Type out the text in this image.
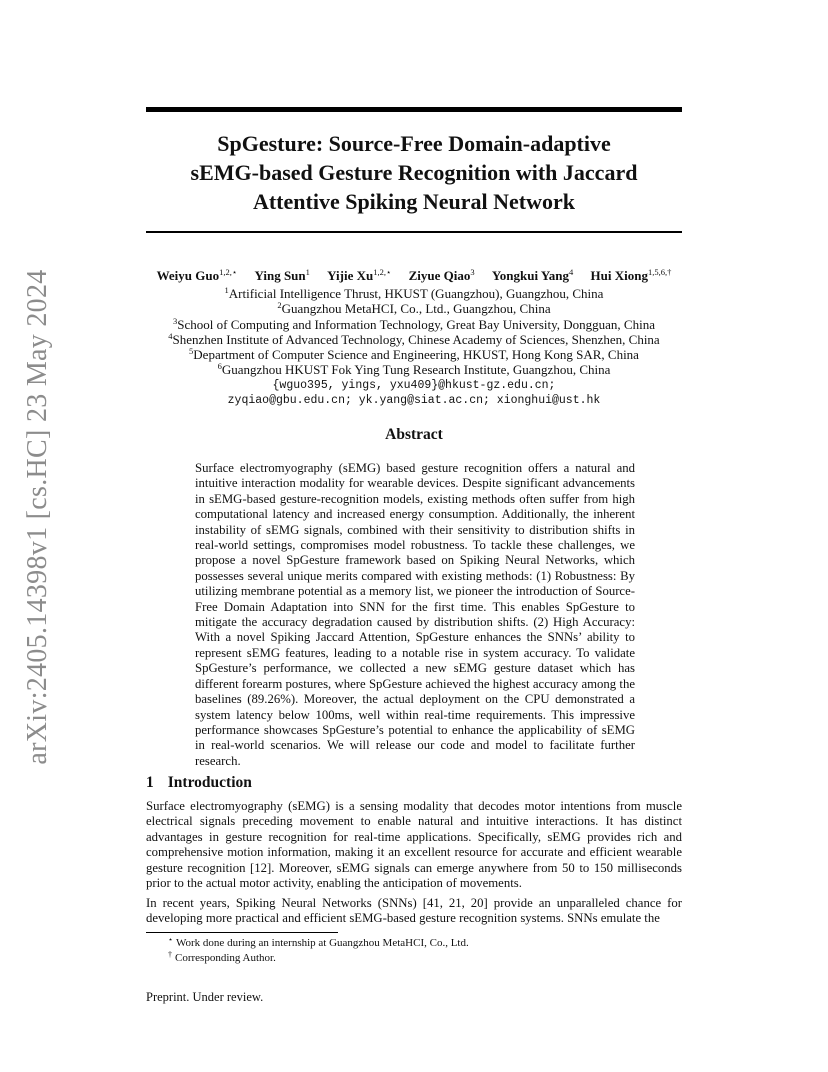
arXiv:2405.14398v1 [cs.HC] 23 May 2024
SpGesture: Source-Free Domain-adaptive
sEMG-based Gesture Recognition with Jaccard
Attentive Spiking Neural Network
Weiyu Guo$^{1,2,⋆}$ Ying Sun$^1$ Yijie $Xu^{1,2,⋆}$ Ziyue Qiao$^3$ Yongkui Yang$^4$ Hui Xiong$^{1,5,6,\dagger}$
$^1$Artificial Intelligence Thrust, HKUST (Guangzhou), Guangzhou, China
$^2$Guangzhou MetaHCI, Co., Ltd., Guangzhou, China
$^3$School of Computing and Information Technology, Great Bay University, Dongguan, China
$^4$Shenzhen Institute of Advanced Technology, Chinese Academy of Sciences, Shenzhen, China
$^5$Department of Computer Science and Engineering, HKUST, Hong Kong SAR, China
$^6$Guangzhou HKUST Fok Ying Tung Research Institute, Guangzhou, China
{wguo395, yings, yxu409}@hkust-gz.edu.cn;
zyqiao@gbu.edu.cn; yk.yang@siat.ac.cn; xionghui@ust.hk
Abstract

Surface electromyography (sEMG) based gesture recognition offers a natural and intuitive interaction modality for wearable devices. Despite significant advancements in sEMG-based gesture-recognition models, existing methods often suffer from high computational latency and increased energy consumption. Additionally, the inherent instability of sEMG signals, combined with their sensitivity to distribution shifts in real-world settings, compromises model robustness. To tackle these challenges, we propose a novel SpGesture framework based on Spiking Neural Networks, which possesses several unique merits compared with existing methods: (1) Robustness: By utilizing membrane potential as a memory list, we pioneer the introduction of Source-Free Domain Adaptation into SNN for the first time. This enables SpGesture to mitigate the accuracy degradation caused by distribution shifts. (2) High Accuracy: With a novel Spiking Jaccard Attention, SpGesture enhances the SNNs’ ability to represent sEMG features, leading to a notable rise in system accuracy. To validate SpGesture’s performance, we collected a new sEMG gesture dataset which has different forearm postures, where SpGesture achieved the highest accuracy among the baselines (89.26%). Moreover, the actual deployment on the CPU demonstrated a system latency below 100ms, well within real-time requirements. This impressive performance showcases SpGesture’s potential to enhance the applicability of sEMG in real-world scenarios. We will release our code and model to facilitate further research.

1 Introduction

Surface electromyography (sEMG) is a sensing modality that decodes motor intentions from muscle electrical signals preceding movement to enable natural and intuitive interactions. It has distinct advantages in gesture recognition for real-time applications. Specifically, sEMG provides rich and comprehensive motion information, making it an excellent resource for accurate and efficient wearable gesture recognition [12]. Moreover, sEMG signals can emerge anywhere from 50 to 150 milliseconds prior to the actual motor activity, enabling the anticipation of movements.

In recent years, Spiking Neural Networks (SNNs) [41, 21, 20] provide an unparalleled chance for developing more practical and efficient sEMG-based gesture recognition systems. SNNs emulate the

⋆ Work done during an internship at Guangzhou MetaHCI, Co., Ltd.
† Corresponding Author.
Preprint. Under review.
